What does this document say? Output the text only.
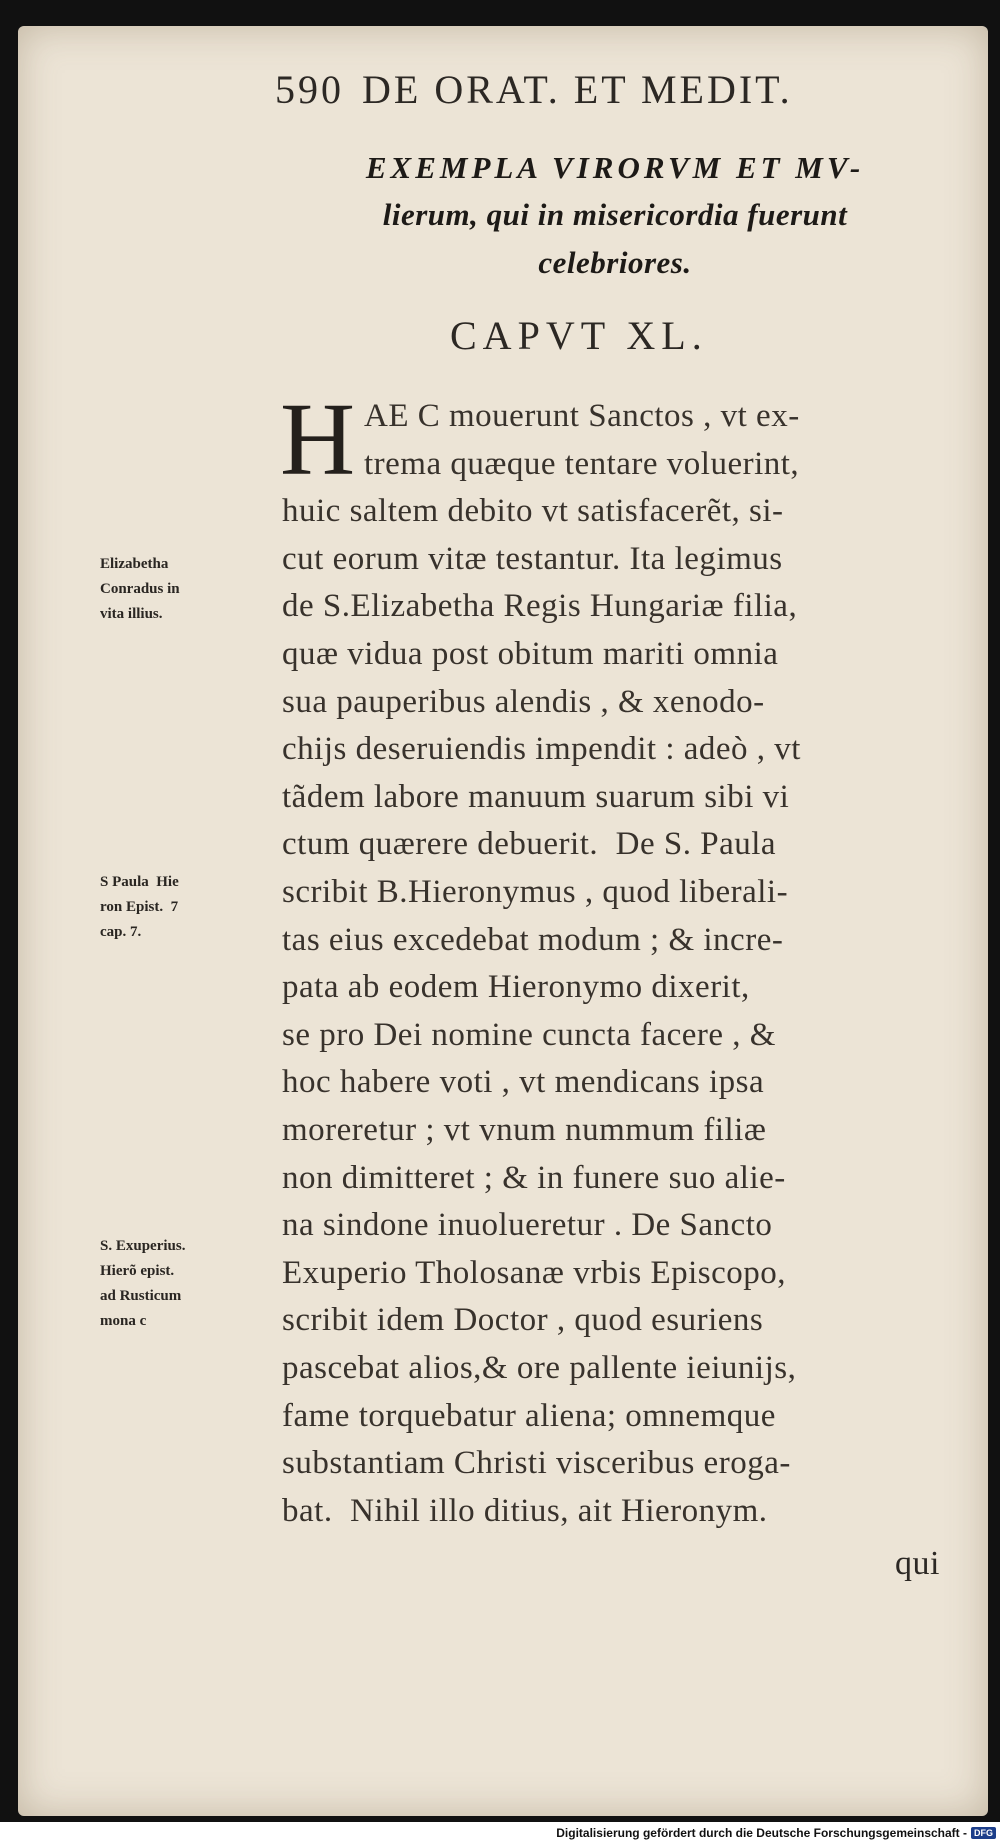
590 DE ORAT. ET MEDIT.
EXEMPLA VIRORVM ET MV-
lierum, qui in misericordia fuerunt
celebriores.
CAPVT XL.
H AE C mouerunt Sanctos , vt ex-
trema quæque tentare voluerint,
huic saltem debito vt satisfacerẽt, si-
cut eorum vitæ testantur. Ita legimus
de S.Elizabetha Regis Hungariæ filia,
quæ vidua post obitum mariti omnia
sua pauperibus alendis , & xenodo-
chijs deseruiendis impendit : adeò , vt
tãdem labore manuum suarum sibi vi
ctum quærere debuerit.  De S. Paula
scribit B.Hieronymus , quod liberali-
tas eius excedebat modum ; & incre-
pata ab eodem Hieronymo dixerit,
se pro Dei nomine cuncta facere , &
hoc habere voti , vt mendicans ipsa
moreretur ; vt vnum nummum filiæ
non dimitteret ; & in funere suo alie-
na sindone inuolueretur . De Sancto
Exuperio Tholosanæ vrbis Episcopo,
scribit idem Doctor , quod esuriens
pascebat alios,& ore pallente ieiunijs,
fame torquebatur aliena; omnemque
substantiam Christi visceribus eroga-
bat.  Nihil illo ditius, ait Hieronym.
Elizabetha
Conradus in
vita illius.
S Paula  Hie
ron Epist.  7
cap. 7.
S. Exuperius.
Hierõ epist.
ad Rusticum
mona c
qui
Digitalisierung gefördert durch die Deutsche Forschungsgemeinschaft - DFG
